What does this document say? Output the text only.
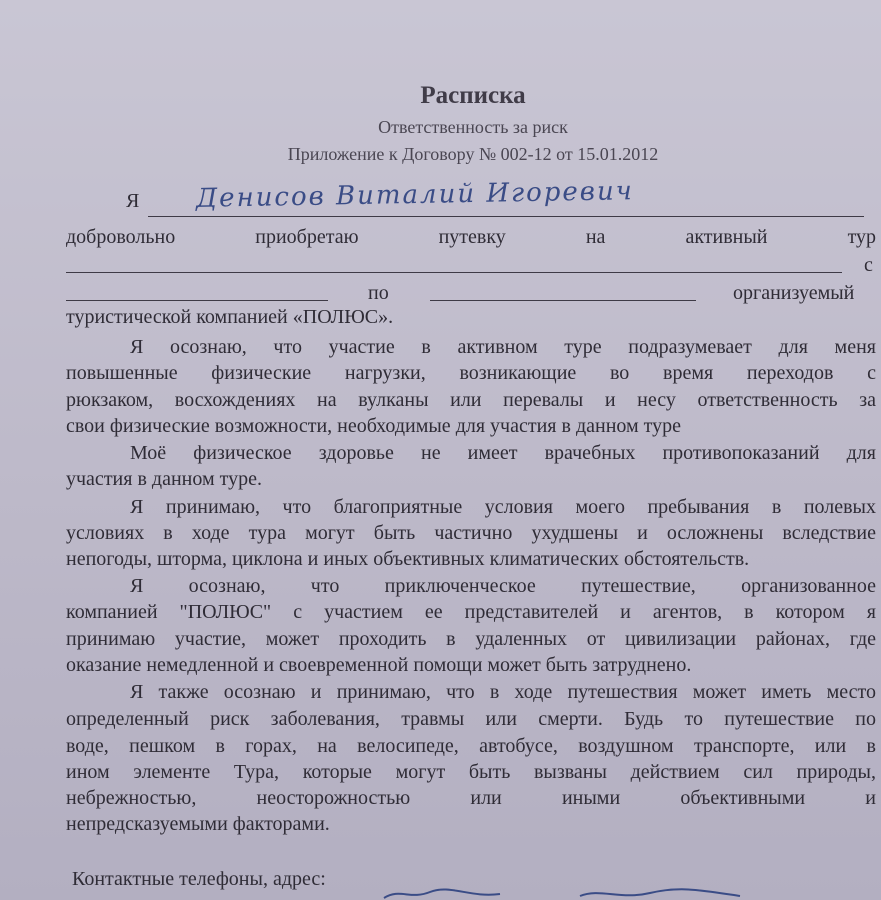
Расписка
Ответственность за риск
Приложение к Договору № 002-12 от 15.01.2012
Я Денисов Виталий Игоревич
добровольно	приобретаю	путевку	на	активный	тур
с
по	организуемый
туристической компанией «ПОЛЮС».
Я осознаю, что участие в активном туре подразумевает для меня
повышенные физические нагрузки, возникающие во время переходов с
рюкзаком, восхождениях на вулканы или перевалы и несу ответственность за
свои физические возможности, необходимые для участия в данном туре
Моё физическое здоровье не имеет врачебных противопоказаний для
участия в данном туре.
Я принимаю, что благоприятные условия моего пребывания в полевых
условиях в ходе тура могут быть частично ухудшены и осложнены вследствие
непогоды, шторма, циклона и иных объективных климатических обстоятельств.
Я осознаю, что приключенческое путешествие, организованное
компанией "ПОЛЮС" с участием ее представителей и агентов, в котором я
принимаю участие, может проходить в удаленных от цивилизации районах, где
оказание немедленной и своевременной помощи может быть затруднено.
Я также осознаю и принимаю, что в ходе путешествия может иметь место
определенный риск заболевания, травмы или смерти. Будь то путешествие по
воде, пешком в горах, на велосипеде, автобусе, воздушном транспорте, или в
ином элементе Тура, которые могут быть вызваны действием сил природы,
небрежностью, неосторожностью или иными объективными и
непредсказуемыми факторами.
Контактные телефоны, адрес:
